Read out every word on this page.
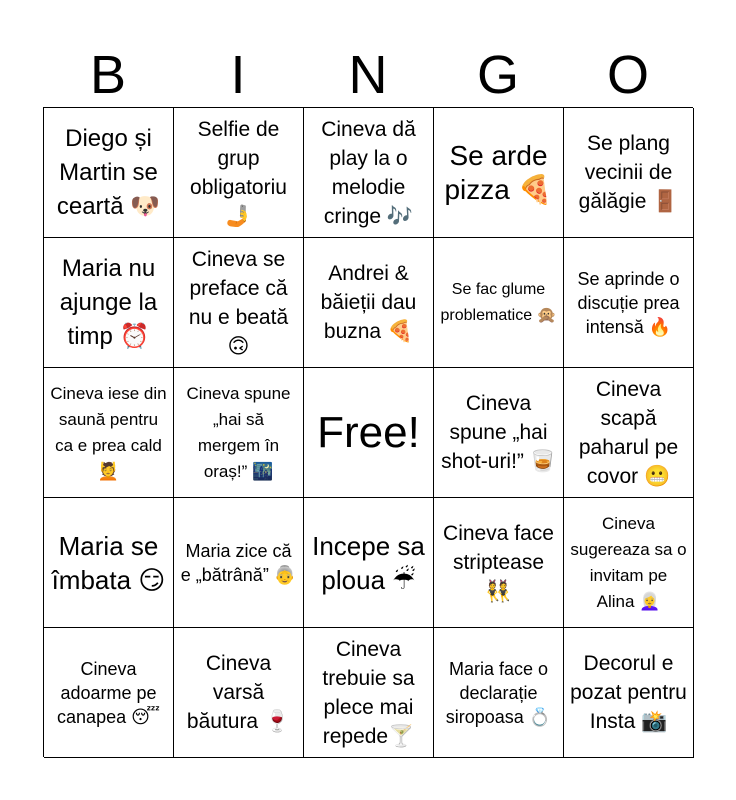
B	I	N	G	O
Diego și Martin se ceartă 🐶
Selfie de grup obligatoriu 🤳
Cineva dă play la o melodie cringe 🎶
Se arde pizza 🍕
Se plang vecinii de gălăgie 🚪
Maria nu ajunge la timp ⏰
Cineva se preface că nu e beată 🙃
Andrei & băieții dau buzna 🍕
Se fac glume problematice 🙊
Se aprinde o discuție prea intensă 🔥
Cineva iese din saună pentru ca e prea cald💆
Cineva spune „hai să mergem în oraș!” 🌃
Free!
Cineva spune „hai shot-uri!” 🥃
Cineva scapă paharul pe covor 😬
Maria se îmbata 😏
Maria zice că e „bătrână” 👵
Incepe sa ploua ☔
Cineva face striptease 👯
Cineva sugereaza sa o invitam pe Alina 👩‍🦳
Cineva adoarme pe canapea 😴
Cineva varsă băutura 🍷
Cineva trebuie sa plece mai repede🍸
Maria face o declarație siropoasa 💍
Decorul e pozat pentru Insta 📸
